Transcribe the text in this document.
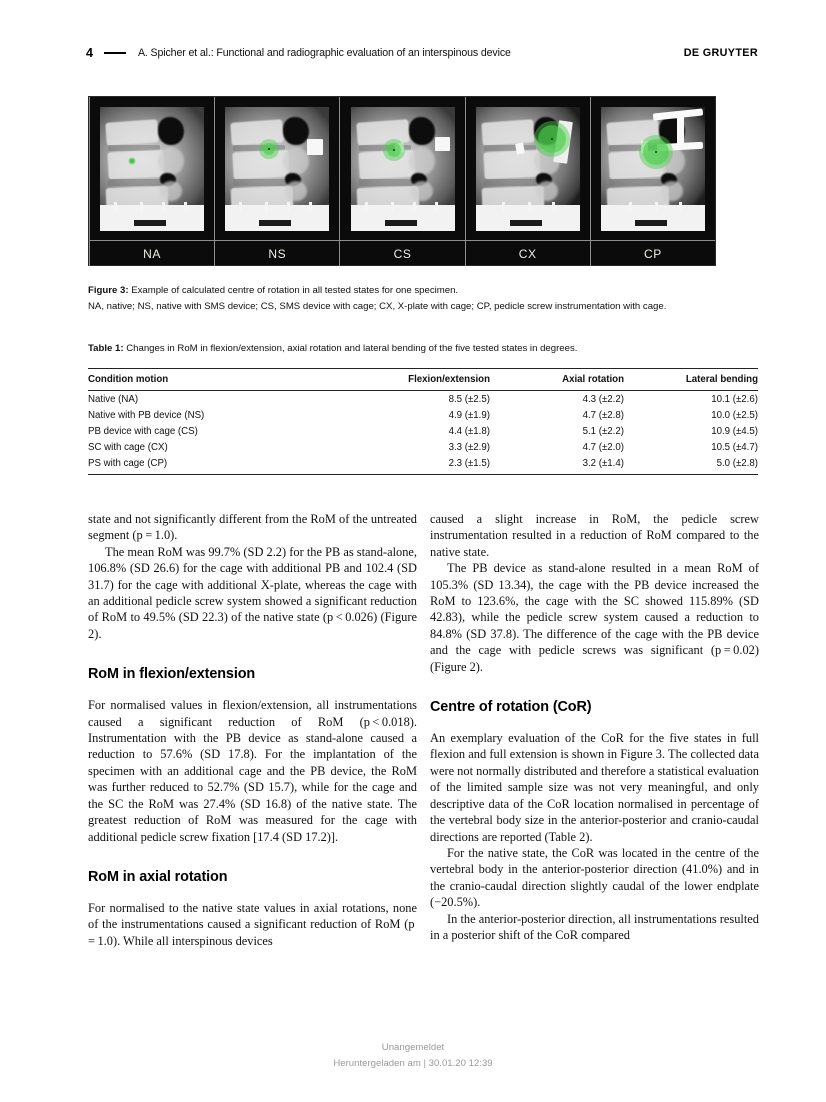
4	A. Spicher et al.: Functional and radiographic evaluation of an interspinous device	DE GRUYTER
NA	NS	CS	CX	CP
Figure 3: Example of calculated centre of rotation in all tested states for one specimen.
NA, native; NS, native with SMS device; CS, SMS device with cage; CX, X-plate with cage; CP, pedicle screw instrumentation with cage.
Table 1: Changes in RoM in flexion/extension, axial rotation and lateral bending of the five tested states in degrees.
Condition motion	Flexion/extension	Axial rotation	Lateral bending
Native (NA)	8.5 (±2.5)	4.3 (±2.2)	10.1 (±2.6)
Native with PB device (NS)	4.9 (±1.9)	4.7 (±2.8)	10.0 (±2.5)
PB device with cage (CS)	4.4 (±1.8)	5.1 (±2.2)	10.9 (±4.5)
SC with cage (CX)	3.3 (±2.9)	4.7 (±2.0)	10.5 (±4.7)
PS with cage (CP)	2.3 (±1.5)	3.2 (±1.4)	5.0 (±2.8)

state and not significantly different from the RoM of the untreated segment (p = 1.0).

The mean RoM was 99.7% (SD 2.2) for the PB as stand-alone, 106.8% (SD 26.6) for the cage with additional PB and 102.4 (SD 31.7) for the cage with additional X-plate, whereas the cage with an additional pedicle screw system showed a significant reduction of RoM to 49.5% (SD 22.3) of the native state (p < 0.026) (Figure 2).

RoM in flexion/extension

For normalised values in flexion/extension, all instrumentations caused a significant reduction of RoM (p < 0.018). Instrumentation with the PB device as stand-alone caused a reduction to 57.6% (SD 17.8). For the implantation of the specimen with an additional cage and the PB device, the RoM was further reduced to 52.7% (SD 15.7), while for the cage and the SC the RoM was 27.4% (SD 16.8) of the native state. The greatest reduction of RoM was measured for the cage with additional pedicle screw fixation [17.4 (SD 17.2)].

RoM in axial rotation

For normalised to the native state values in axial rotations, none of the instrumentations caused a significant reduction of RoM (p = 1.0). While all interspinous devices

caused a slight increase in RoM, the pedicle screw instrumentation resulted in a reduction of RoM compared to the native state.

The PB device as stand-alone resulted in a mean RoM of 105.3% (SD 13.34), the cage with the PB device increased the RoM to 123.6%, the cage with the SC showed 115.89% (SD 42.83), while the pedicle screw system caused a reduction to 84.8% (SD 37.8). The difference of the cage with the PB device and the cage with pedicle screws was significant (p = 0.02) (Figure 2).

Centre of rotation (CoR)

An exemplary evaluation of the CoR for the five states in full flexion and full extension is shown in Figure 3. The collected data were not normally distributed and therefore a statistical evaluation of the limited sample size was not very meaningful, and only descriptive data of the CoR location normalised in percentage of the vertebral body size in the anterior-posterior and cranio-caudal directions are reported (Table 2).

For the native state, the CoR was located in the centre of the vertebral body in the anterior-posterior direction (41.0%) and in the cranio-caudal direction slightly caudal of the lower endplate (−20.5%).

In the anterior-posterior direction, all instrumentations resulted in a posterior shift of the CoR compared

Unangemeldet
Heruntergeladen am | 30.01.20 12:39
